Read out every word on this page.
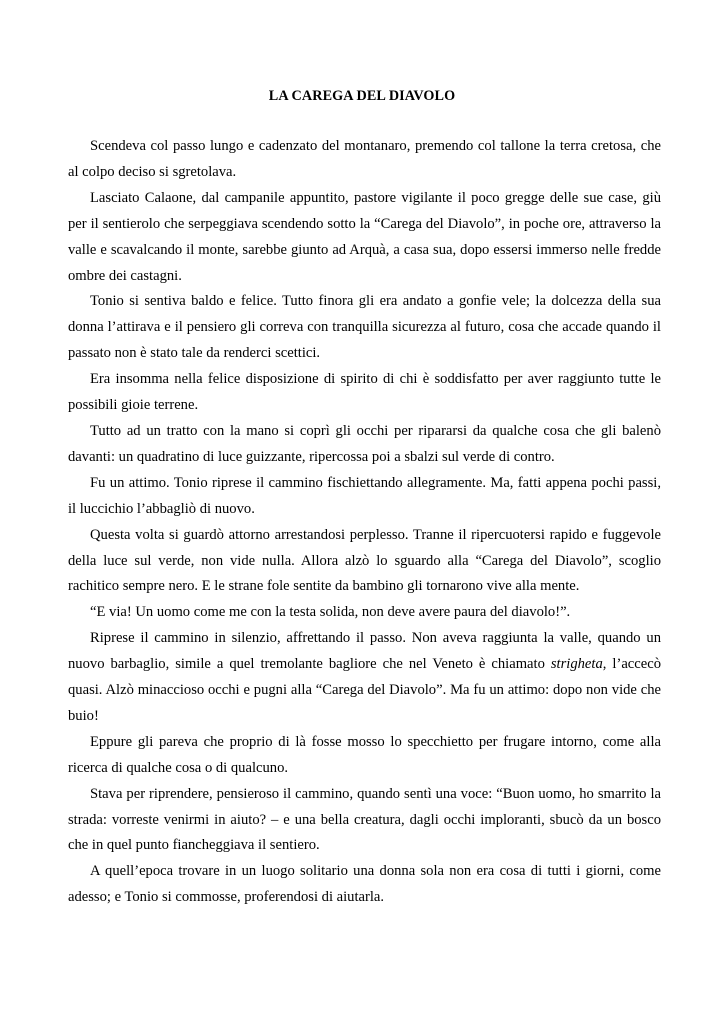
LA CAREGA DEL DIAVOLO

Scendeva col passo lungo e cadenzato del montanaro, premendo col tallone la terra cretosa, che al colpo deciso si sgretolava.

Lasciato Calaone, dal campanile appuntito, pastore vigilante il poco gregge delle sue case, giù per il sentierolo che serpeggiava scendendo sotto la “Carega del Diavolo”, in poche ore, attraverso la valle e scavalcando il monte, sarebbe giunto ad Arquà, a casa sua, dopo essersi immerso nelle fredde ombre dei castagni.

Tonio si sentiva baldo e felice. Tutto finora gli era andato a gonfie vele; la dolcezza della sua donna l’attirava e il pensiero gli correva con tranquilla sicurezza al futuro, cosa che accade quando il passato non è stato tale da renderci scettici.

Era insomma nella felice disposizione di spirito di chi è soddisfatto per aver raggiunto tutte le possibili gioie terrene.

Tutto ad un tratto con la mano si coprì gli occhi per ripararsi da qualche cosa che gli balenò davanti: un quadratino di luce guizzante, ripercossa poi a sbalzi sul verde di contro.

Fu un attimo. Tonio riprese il cammino fischiettando allegramente. Ma, fatti appena pochi passi, il luccichio l’abbagliò di nuovo.

Questa volta si guardò attorno arrestandosi perplesso. Tranne il ripercuotersi rapido e fuggevole della luce sul verde, non vide nulla. Allora alzò lo sguardo alla “Carega del Diavolo”, scoglio rachitico sempre nero. E le strane fole sentite da bambino gli tornarono vive alla mente.

“E via! Un uomo come me con la testa solida, non deve avere paura del diavolo!”.

Riprese il cammino in silenzio, affrettando il passo. Non aveva raggiunta la valle, quando un nuovo barbaglio, simile a quel tremolante bagliore che nel Veneto è chiamato strigheta, l’accecò quasi. Alzò minaccioso occhi e pugni alla “Carega del Diavolo”. Ma fu un attimo: dopo non vide che buio!

Eppure gli pareva che proprio di là fosse mosso lo specchietto per frugare intorno, come alla ricerca di qualche cosa o di qualcuno.

Stava per riprendere, pensieroso il cammino, quando sentì una voce: “Buon uomo, ho smarrito la strada: vorreste venirmi in aiuto? – e una bella creatura, dagli occhi imploranti, sbucò da un bosco che in quel punto fiancheggiava il sentiero.

A quell’epoca trovare in un luogo solitario una donna sola non era cosa di tutti i giorni, come adesso; e Tonio si commosse, proferendosi di aiutarla.
